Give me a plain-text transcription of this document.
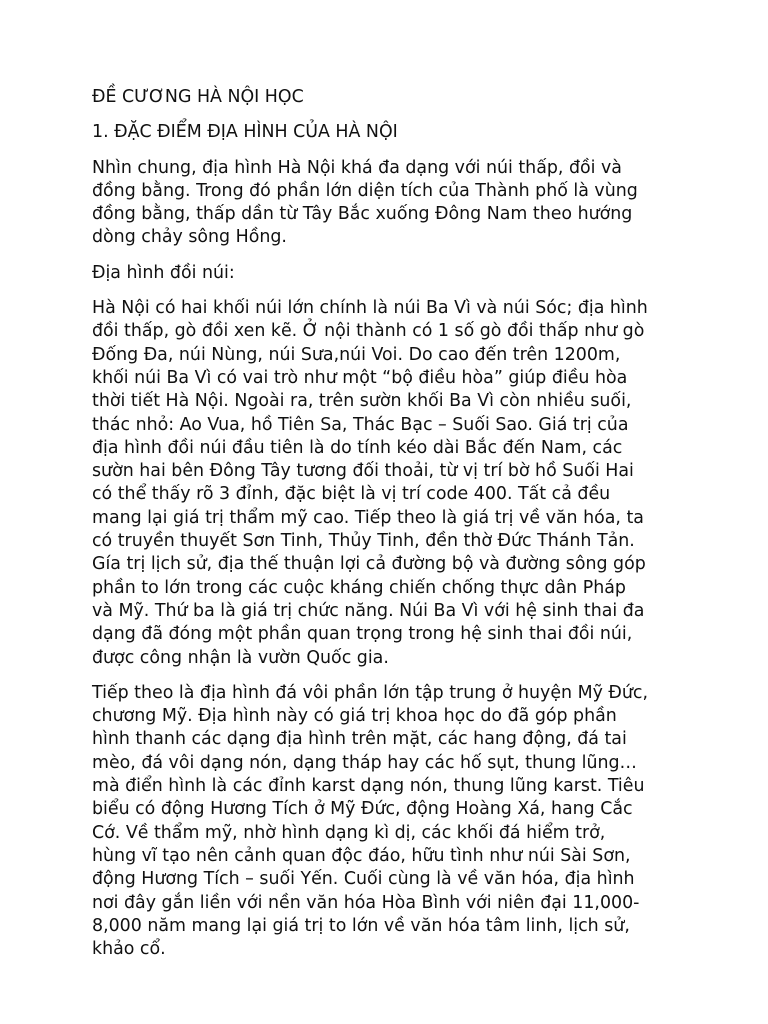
ĐỀ CƯƠNG HÀ NỘI HỌC
1. ĐẶC ĐIỂM ĐỊA HÌNH CỦA HÀ NỘI
Nhìn chung, địa hình Hà Nội khá đa dạng với núi thấp, đồi và
đồng bằng. Trong đó phần lớn diện tích của Thành phố là vùng
đồng bằng, thấp dần từ Tây Bắc xuống Đông Nam theo hướng
dòng chảy sông Hồng.
Địa hình đồi núi:
Hà Nội có hai khối núi lớn chính là núi Ba Vì và núi Sóc; địa hình
đồi thấp, gò đồi xen kẽ. Ở nội thành có 1 số gò đồi thấp như gò
Đống Đa, núi Nùng, núi Sưa,núi Voi. Do cao đến trên 1200m,
khối núi Ba Vì có vai trò như một “bộ điều hòa” giúp điều hòa
thời tiết Hà Nội. Ngoài ra, trên sườn khối Ba Vì còn nhiều suối,
thác nhỏ: Ao Vua, hồ Tiên Sa, Thác Bạc – Suối Sao. Giá trị của
địa hình đồi núi đầu tiên là do tính kéo dài Bắc đến Nam, các
sườn hai bên Đông Tây tương đối thoải, từ vị trí bờ hồ Suối Hai
có thể thấy rõ 3 đỉnh, đặc biệt là vị trí code 400. Tất cả đều
mang lại giá trị thẩm mỹ cao. Tiếp theo là giá trị về văn hóa, ta
có truyền thuyết Sơn Tinh, Thủy Tinh, đền thờ Đức Thánh Tản.
Gía trị lịch sử, địa thế thuận lợi cả đường bộ và đường sông góp
phần to lớn trong các cuộc kháng chiến chống thực dân Pháp
và Mỹ. Thứ ba là giá trị chức năng. Núi Ba Vì với hệ sinh thai đa
dạng đã đóng một phần quan trọng trong hệ sinh thai đồi núi,
được công nhận là vườn Quốc gia.
Tiếp theo là địa hình đá vôi phần lớn tập trung ở huyện Mỹ Đức,
chương Mỹ. Địa hình này có giá trị khoa học do đã góp phần
hình thanh các dạng địa hình trên mặt, các hang động, đá tai
mèo, đá vôi dạng nón, dạng tháp hay các hố sụt, thung lũng…
mà điển hình là các đỉnh karst dạng nón, thung lũng karst. Tiêu
biểu có động Hương Tích ở Mỹ Đức, động Hoàng Xá, hang Cắc
Cớ. Về thẩm mỹ, nhờ hình dạng kì dị, các khối đá hiểm trở,
hùng vĩ tạo nên cảnh quan độc đáo, hữu tình như núi Sài Sơn,
động Hương Tích – suối Yến. Cuối cùng là về văn hóa, địa hình
nơi đây gắn liền với nền văn hóa Hòa Bình với niên đại 11,000-
8,000 năm mang lại giá trị to lớn về văn hóa tâm linh, lịch sử,
khảo cổ.
